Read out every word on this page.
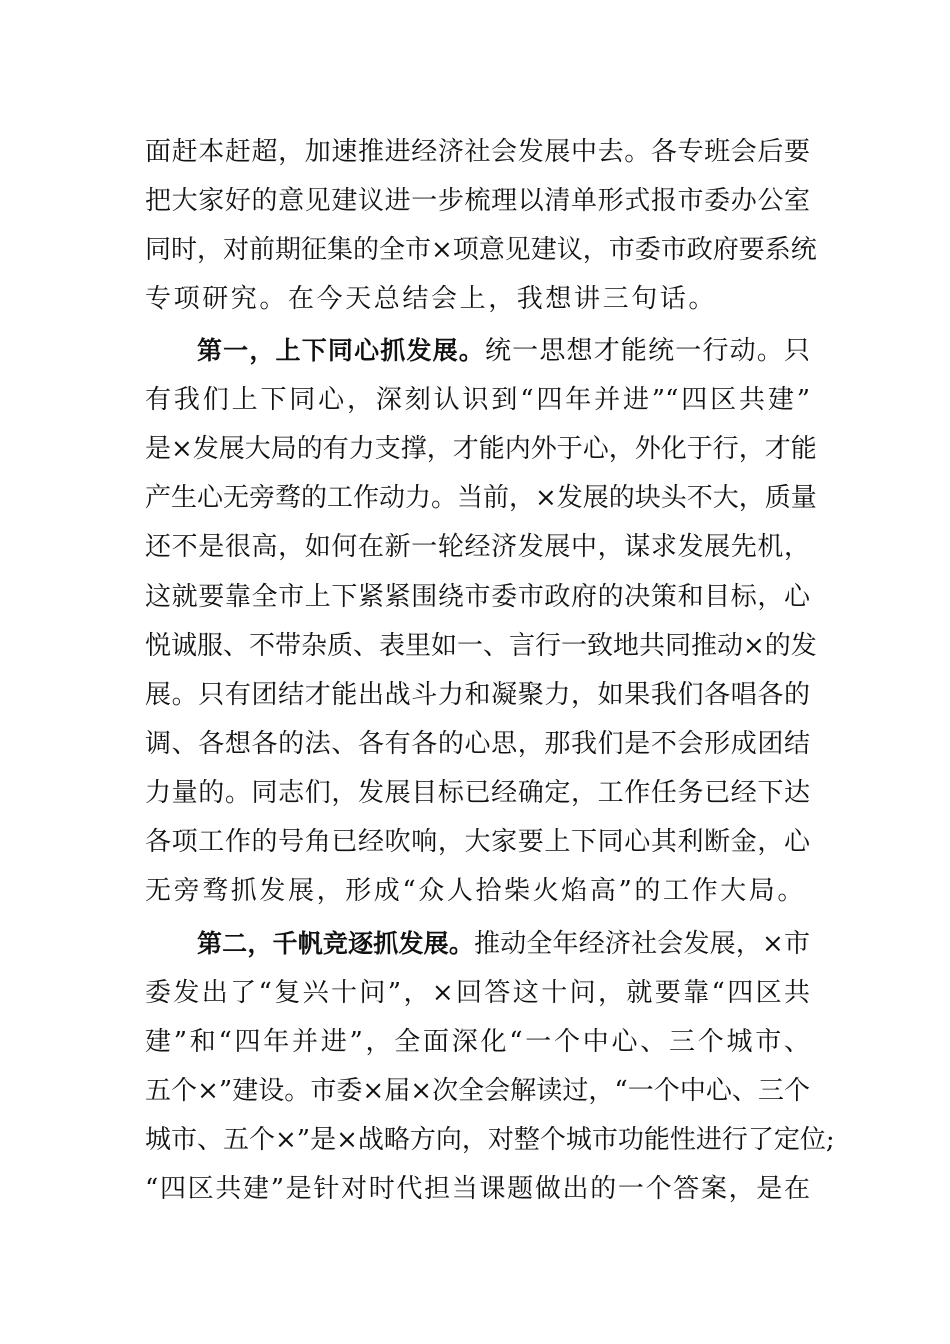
面赶本赶超，加速推进经济社会发展中去。各专班会后要
把大家好的意见建议进一步梳理以清单形式报市委办公室
同时，对前期征集的全市×项意见建议，市委市政府要系统
专项研究。在今天总结会上，我想讲三句话。
第一，上下同心抓发展。统一思想才能统一行动。只
有我们上下同心，深刻认识到“四年并进”“四区共建”
是×发展大局的有力支撑，才能内外于心，外化于行，才能
产生心无旁骛的工作动力。当前，×发展的块头不大，质量
还不是很高，如何在新一轮经济发展中，谋求发展先机，
这就要靠全市上下紧紧围绕市委市政府的决策和目标，心
悦诚服、不带杂质、表里如一、言行一致地共同推动×的发
展。只有团结才能出战斗力和凝聚力，如果我们各唱各的
调、各想各的法、各有各的心思，那我们是不会形成团结
力量的。同志们，发展目标已经确定，工作任务已经下达
各项工作的号角已经吹响，大家要上下同心其利断金，心
无旁骛抓发展，形成“众人拾柴火焰高”的工作大局。
第二，千帆竞逐抓发展。推动全年经济社会发展，×市
委发出了“复兴十问”，×回答这十问，就要靠“四区共
建”和“四年并进”，全面深化“一个中心、三个城市、
五个×”建设。市委×届×次全会解读过，“一个中心、三个
城市、五个×”是×战略方向，对整个城市功能性进行了定位;
“四区共建”是针对时代担当课题做出的一个答案，是在
